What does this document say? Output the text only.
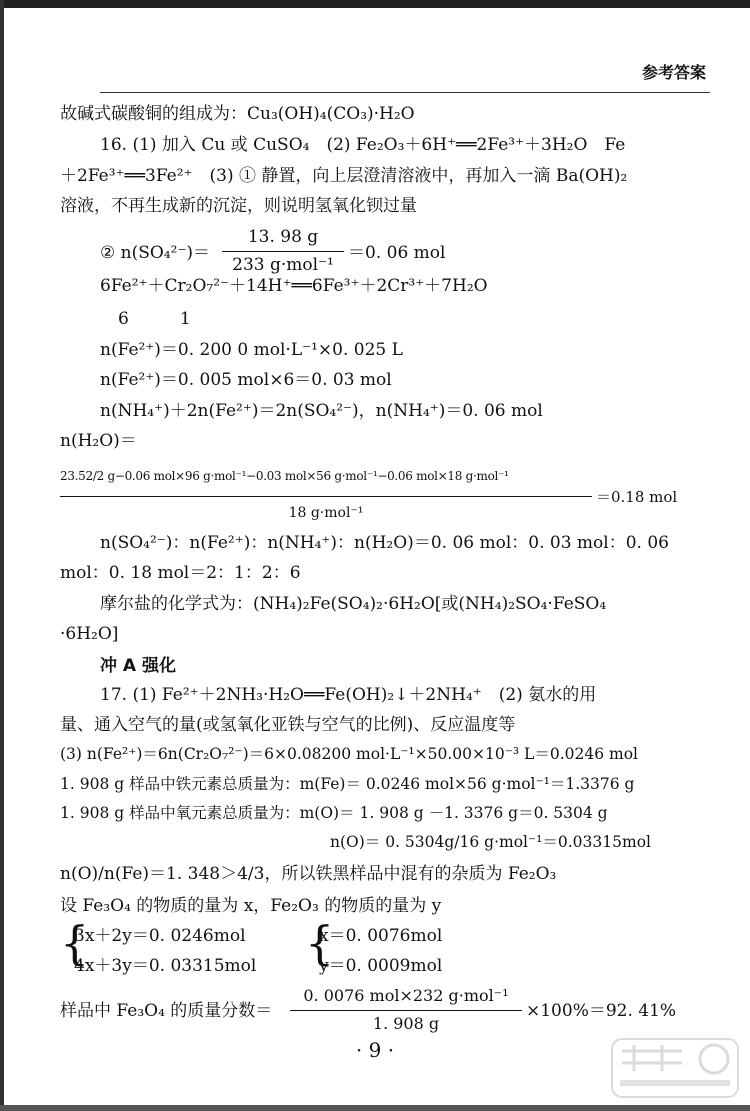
参考答案
故碱式碳酸铜的组成为：Cu₃(OH)₄(CO₃)·H₂O
16. (1) 加入 Cu 或 CuSO₄　(2) Fe₂O₃＋6H⁺══2Fe³⁺＋3H₂O　Fe
＋2Fe³⁺══3Fe²⁺　(3) ① 静置，向上层澄清溶液中，再加入一滴 Ba(OH)₂
溶液，不再生成新的沉淀，则说明氢氧化钡过量
② n(SO₄²⁻)＝
13. 98 g
233 g·mol⁻¹
＝0. 06 mol
6Fe²⁺＋Cr₂O₇²⁻＋14H⁺══6Fe³⁺＋2Cr³⁺＋7H₂O
6　　　1
n(Fe²⁺)＝0. 200 0 mol·L⁻¹×0. 025 L
n(Fe²⁺)＝0. 005 mol×6＝0. 03 mol
n(NH₄⁺)＋2n(Fe²⁺)＝2n(SO₄²⁻)，n(NH₄⁺)＝0. 06 mol
n(H₂O)＝
23.52/2 g−0.06 mol×96 g·mol⁻¹−0.03 mol×56 g·mol⁻¹−0.06 mol×18 g·mol⁻¹
18 g·mol⁻¹
＝0.18 mol
n(SO₄²⁻)：n(Fe²⁺)：n(NH₄⁺)：n(H₂O)＝0. 06 mol：0. 03 mol：0. 06
mol：0. 18 mol＝2：1：2：6
摩尔盐的化学式为：(NH₄)₂Fe(SO₄)₂·6H₂O[或(NH₄)₂SO₄·FeSO₄
·6H₂O]
冲 A 强化
17. (1) Fe²⁺＋2NH₃·H₂O══Fe(OH)₂↓＋2NH₄⁺　(2) 氨水的用
量、通入空气的量(或氢氧化亚铁与空气的比例)、反应温度等
(3) n(Fe²⁺)＝6n(Cr₂O₇²⁻)＝6×0.08200 mol·L⁻¹×50.00×10⁻³ L＝0.0246 mol
1. 908 g 样品中铁元素总质量为：m(Fe)＝ 0.0246 mol×56 g·mol⁻¹＝1.3376 g
1. 908 g 样品中氧元素总质量为：m(O)＝ 1. 908 g －1. 3376 g＝0. 5304 g
n(O)＝ 0. 5304g/16 g·mol⁻¹＝0.03315mol
n(O)/n(Fe)＝1. 348＞4/3，所以铁黑样品中混有的杂质为 Fe₂O₃
设 Fe₃O₄ 的物质的量为 x，Fe₂O₃ 的物质的量为 y
{
3x＋2y＝0. 0246mol
4x＋3y＝0. 03315mol {
x＝0. 0076mol
y＝0. 0009mol
样品中 Fe₃O₄ 的质量分数＝
0. 0076 mol×232 g·mol⁻¹
1. 908 g
×100%＝92. 41%
· 9 ·
